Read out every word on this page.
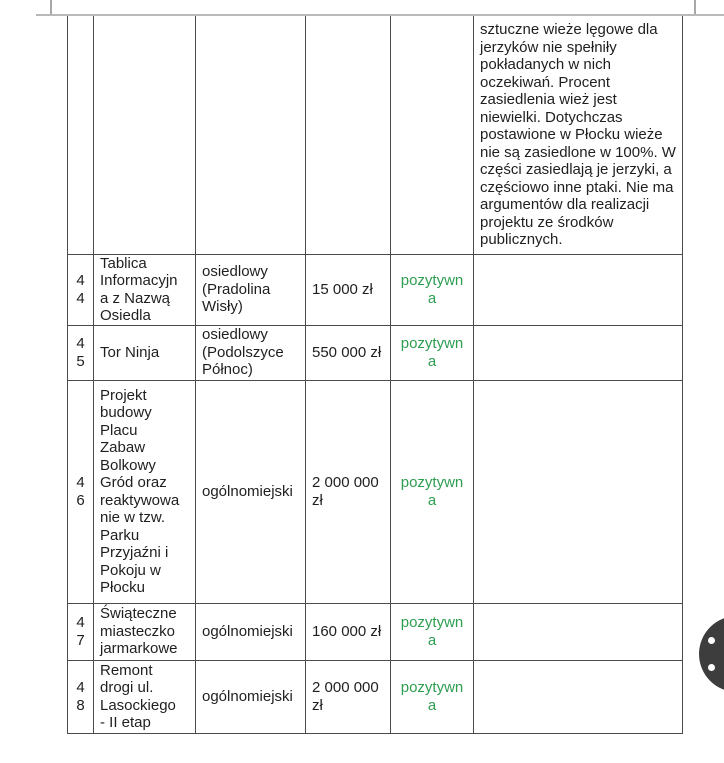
					sztuczne wieże lęgowe dla jerzyków nie spełniły pokładanych w nich oczekiwań. Procent zasiedlenia wież jest niewielki. Dotychczas postawione w Płocku wieże nie są zasiedlone w 100%. W części zasiedlają je jerzyki, a częściowo inne ptaki. Nie ma argumentów dla realizacji projektu ze środków publicznych.
44	Tablica Informacyjna z Nazwą Osiedla	osiedlowy (Pradolina Wisły)	15 000 zł	pozytywna	
45	Tor Ninja	osiedlowy (Podolszyce Północ)	550 000 zł	pozytywna	
46	Projekt budowy Placu Zabaw Bolkowy Gród oraz reaktywowanie w tzw. Parku Przyjaźni i Pokoju w Płocku	ogólnomiejski	2 000 000 zł	pozytywna	
47	Świąteczne miasteczko jarmarkowe	ogólnomiejski	160 000 zł	pozytywna	
48	Remont drogi ul. Lasockiego - II etap	ogólnomiejski	2 000 000 zł	pozytywna	
